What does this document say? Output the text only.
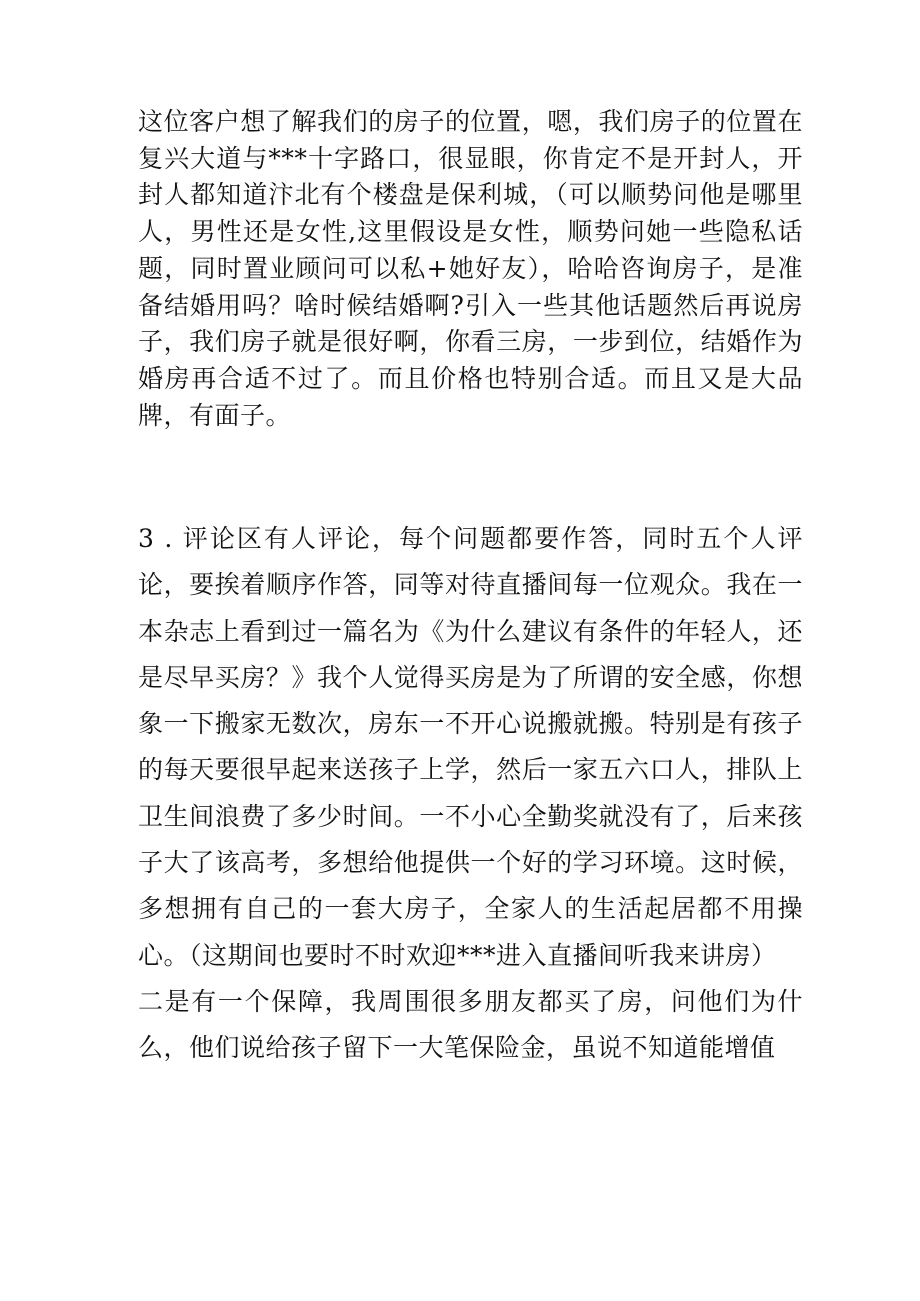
这位客户想了解我们的房子的位置，嗯，我们房子的位置在复兴大道与***十字路口，很显眼，你肯定不是开封人，开封人都知道汴北有个楼盘是保利城，（可以顺势问他是哪里人，男性还是女性,这里假设是女性，顺势问她一些隐私话题，同时置业顾问可以私+她好友），哈哈咨询房子，是准备结婚用吗？啥时候结婚啊?引入一些其他话题然后再说房子，我们房子就是很好啊，你看三房，一步到位，结婚作为婚房再合适不过了。而且价格也特别合适。而且又是大品牌，有面子。

3 . 评论区有人评论，每个问题都要作答，同时五个人评论，要挨着顺序作答，同等对待直播间每一位观众。我在一本杂志上看到过一篇名为《为什么建议有条件的年轻人，还是尽早买房？》我个人觉得买房是为了所谓的安全感，你想象一下搬家无数次，房东一不开心说搬就搬。特别是有孩子的每天要很早起来送孩子上学，然后一家五六口人，排队上卫生间浪费了多少时间。一不小心全勤奖就没有了，后来孩子大了该高考，多想给他提供一个好的学习环境。这时候，多想拥有自己的一套大房子，全家人的生活起居都不用操心。（这期间也要时不时欢迎***进入直播间听我来讲房）

二是有一个保障，我周围很多朋友都买了房，问他们为什么，他们说给孩子留下一大笔保险金，虽说不知道能增值
